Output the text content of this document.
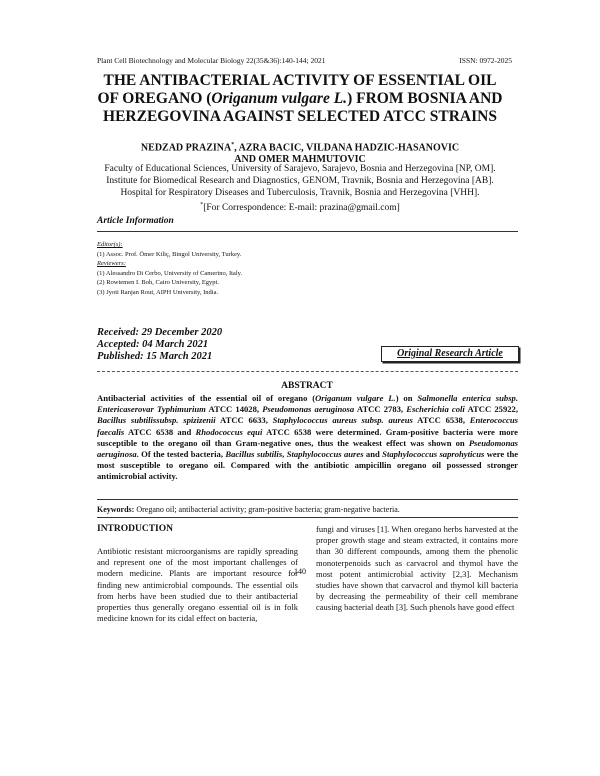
Plant Cell Biotechnology and Molecular Biology 22(35&36):140-144; 2021	ISSN: 0972-2025
THE ANTIBACTERIAL ACTIVITY OF ESSENTIAL OIL
OF OREGANO (Origanum vulgare L.) FROM BOSNIA AND
HERZEGOVINA AGAINST SELECTED ATCC STRAINS
NEDZAD PRAZINA*, AZRA BACIC, VILDANA HADZIC-HASANOVIC
AND OMER MAHMUTOVIC
Faculty of Educational Sciences, University of Sarajevo, Sarajevo, Bosnia and Herzegovina [NP, OM].
Institute for Biomedical Research and Diagnostics, GENOM, Travnik, Bosnia and Herzegovina [AB].
Hospital for Respiratory Diseases and Tuberculosis, Travnik, Bosnia and Herzegovina [VHH].
*[For Correspondence: E-mail: prazina@gmail.com]
Article Information
Editor(s):
(1) Assoc. Prof. Ömer Kiliç, Bingol University, Turkey.
Reviewers:
(1) Alessandro Di Cerbo, University of Camerino, Italy.
(2) Rowtemen I. Boh, Cairo University, Egypt.
(3) Jyoti Ranjan Rout, AIPH University, India.
Received: 29 December 2020
Accepted: 04 March 2021
Published: 15 March 2021	Original Research Article
ABSTRACT
Antibacterial activities of the essential oil of oregano (Origanum vulgare L.) on Salmonella enterica subsp. Entericaserovar Typhimurium ATCC 14028, Pseudomonas aeruginosa ATCC 2783, Escherichia coli ATCC 25922, Bacillus subtilissubsp. spizizenii ATCC 6633, Staphylococcus aureus subsp. aureus ATCC 6538, Enterococcus faecalis ATCC 6538 and Rhodococcus equi ATCC 6538 were determined. Gram-positive bacteria were more susceptible to the oregano oil than Gram-negative ones, thus the weakest effect was shown on Pseudomonas aeruginosa. Of the tested bacteria, Bacillus subtilis, Staphylococcus aures and Staphylococcus saprohyticus were the most susceptible to oregano oil. Compared with the antibiotic ampicillin oregano oil possessed stronger antimicrobial activity.
Keywords: Oregano oil; antibacterial activity; gram-positive bacteria; gram-negative bacteria.
INTRODUCTION
Antibiotic resistant microorganisms are rapidly spreading and represent one of the most important challenges of modern medicine. Plants are important resource for finding new antimicrobial compounds. The essential oils from herbs have been studied due to their antibacterial properties thus generally oregano essential oil is in folk medicine known for its cidal effect on bacteria,
fungi and viruses [1]. When oregano herbs harvested at the proper growth stage and steam extracted, it contains more than 30 different compounds, among them the phenolic monoterpenoids such as carvacrol and thymol have the most potent antimicrobial activity [2,3]. Mechanism studies have shown that carvacrol and thymol kill bacteria by decreasing the permeability of their cell membrane causing bacterial death [3]. Such phenols have good effect
140
